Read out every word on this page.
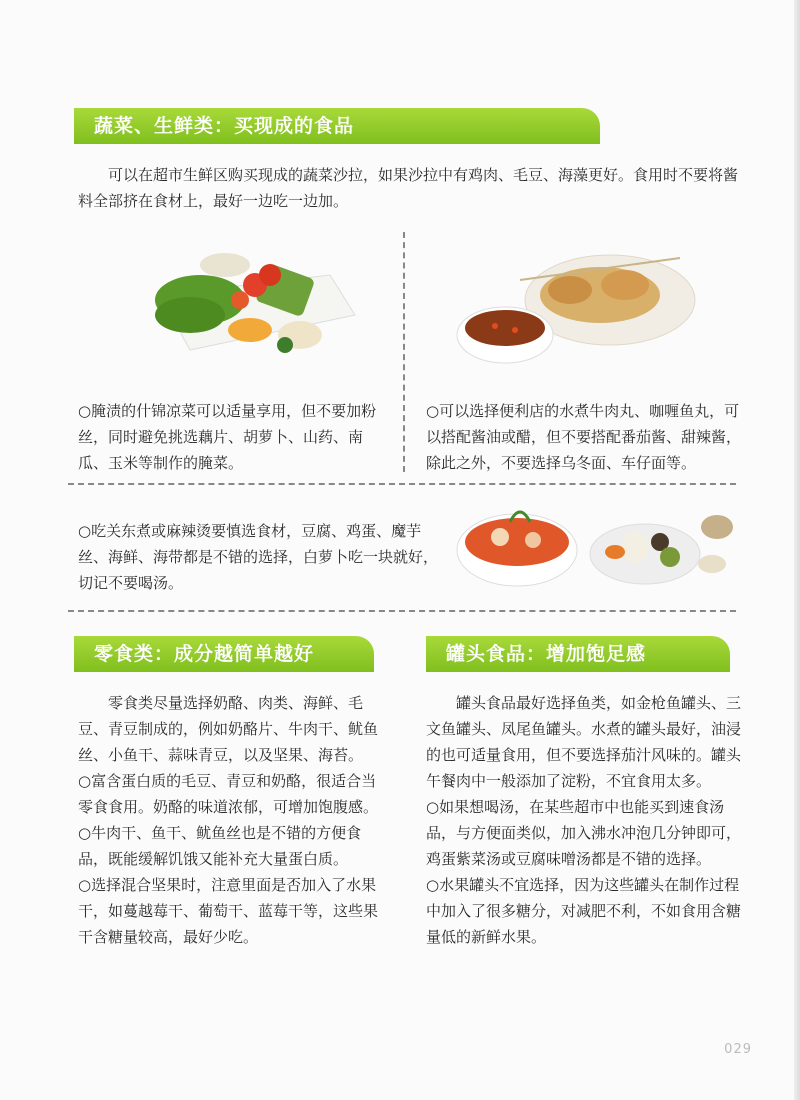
蔬菜、生鲜类：买现成的食品
可以在超市生鲜区购买现成的蔬菜沙拉，如果沙拉中有鸡肉、毛豆、海藻更好。食用时不要将酱料全部挤在食材上，最好一边吃一边加。
○腌渍的什锦凉菜可以适量享用，但不要加粉丝，同时避免挑选藕片、胡萝卜、山药、南瓜、玉米等制作的腌菜。
○可以选择便利店的水煮牛肉丸、咖喱鱼丸，可以搭配酱油或醋，但不要搭配番茄酱、甜辣酱，除此之外，不要选择乌冬面、车仔面等。
○吃关东煮或麻辣烫要慎选食材，豆腐、鸡蛋、魔芋丝、海鲜、海带都是不错的选择，白萝卜吃一块就好，切记不要喝汤。
零食类：成分越简单越好

零食类尽量选择奶酪、肉类、海鲜、毛豆、青豆制成的，例如奶酪片、牛肉干、鱿鱼丝、小鱼干、蒜味青豆，以及坚果、海苔。

○富含蛋白质的毛豆、青豆和奶酪，很适合当零食食用。奶酪的味道浓郁，可增加饱腹感。

○牛肉干、鱼干、鱿鱼丝也是不错的方便食品，既能缓解饥饿又能补充大量蛋白质。

○选择混合坚果时，注意里面是否加入了水果干，如蔓越莓干、葡萄干、蓝莓干等，这些果干含糖量较高，最好少吃。

罐头食品：增加饱足感

罐头食品最好选择鱼类，如金枪鱼罐头、三文鱼罐头、凤尾鱼罐头。水煮的罐头最好，油浸的也可适量食用，但不要选择茄汁风味的。罐头午餐肉中一般添加了淀粉，不宜食用太多。

○如果想喝汤，在某些超市中也能买到速食汤品，与方便面类似，加入沸水冲泡几分钟即可，鸡蛋紫菜汤或豆腐味噌汤都是不错的选择。

○水果罐头不宜选择，因为这些罐头在制作过程中加入了很多糖分，对减肥不利，不如食用含糖量低的新鲜水果。

029
